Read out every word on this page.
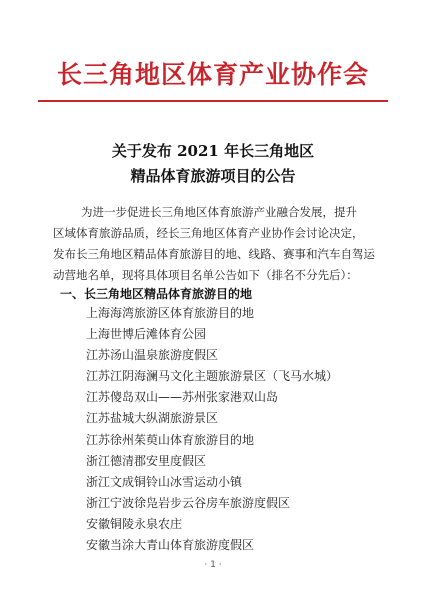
长三角地区体育产业协作会
关于发布 2021 年长三角地区
精品体育旅游项目的公告
为进一步促进长三角地区体育旅游产业融合发展，提升
区域体育旅游品质，经长三角地区体育产业协作会讨论决定，
发布长三角地区精品体育旅游目的地、线路、赛事和汽车自驾运
动营地名单，现将具体项目名单公告如下（排名不分先后）：
一、长三角地区精品体育旅游目的地
上海海湾旅游区体育旅游目的地
上海世博后滩体育公园
江苏汤山温泉旅游度假区
江苏江阴海澜马文化主题旅游景区（飞马水城）
江苏傻岛双山——苏州张家港双山岛
江苏盐城大纵湖旅游景区
江苏徐州茱萸山体育旅游目的地
浙江德清郡安里度假区
浙江文成铜铃山冰雪运动小镇
浙江宁波徐凫岩步云谷房车旅游度假区
安徽铜陵永泉农庄
安徽当涂大青山体育旅游度假区
· 1 ·
